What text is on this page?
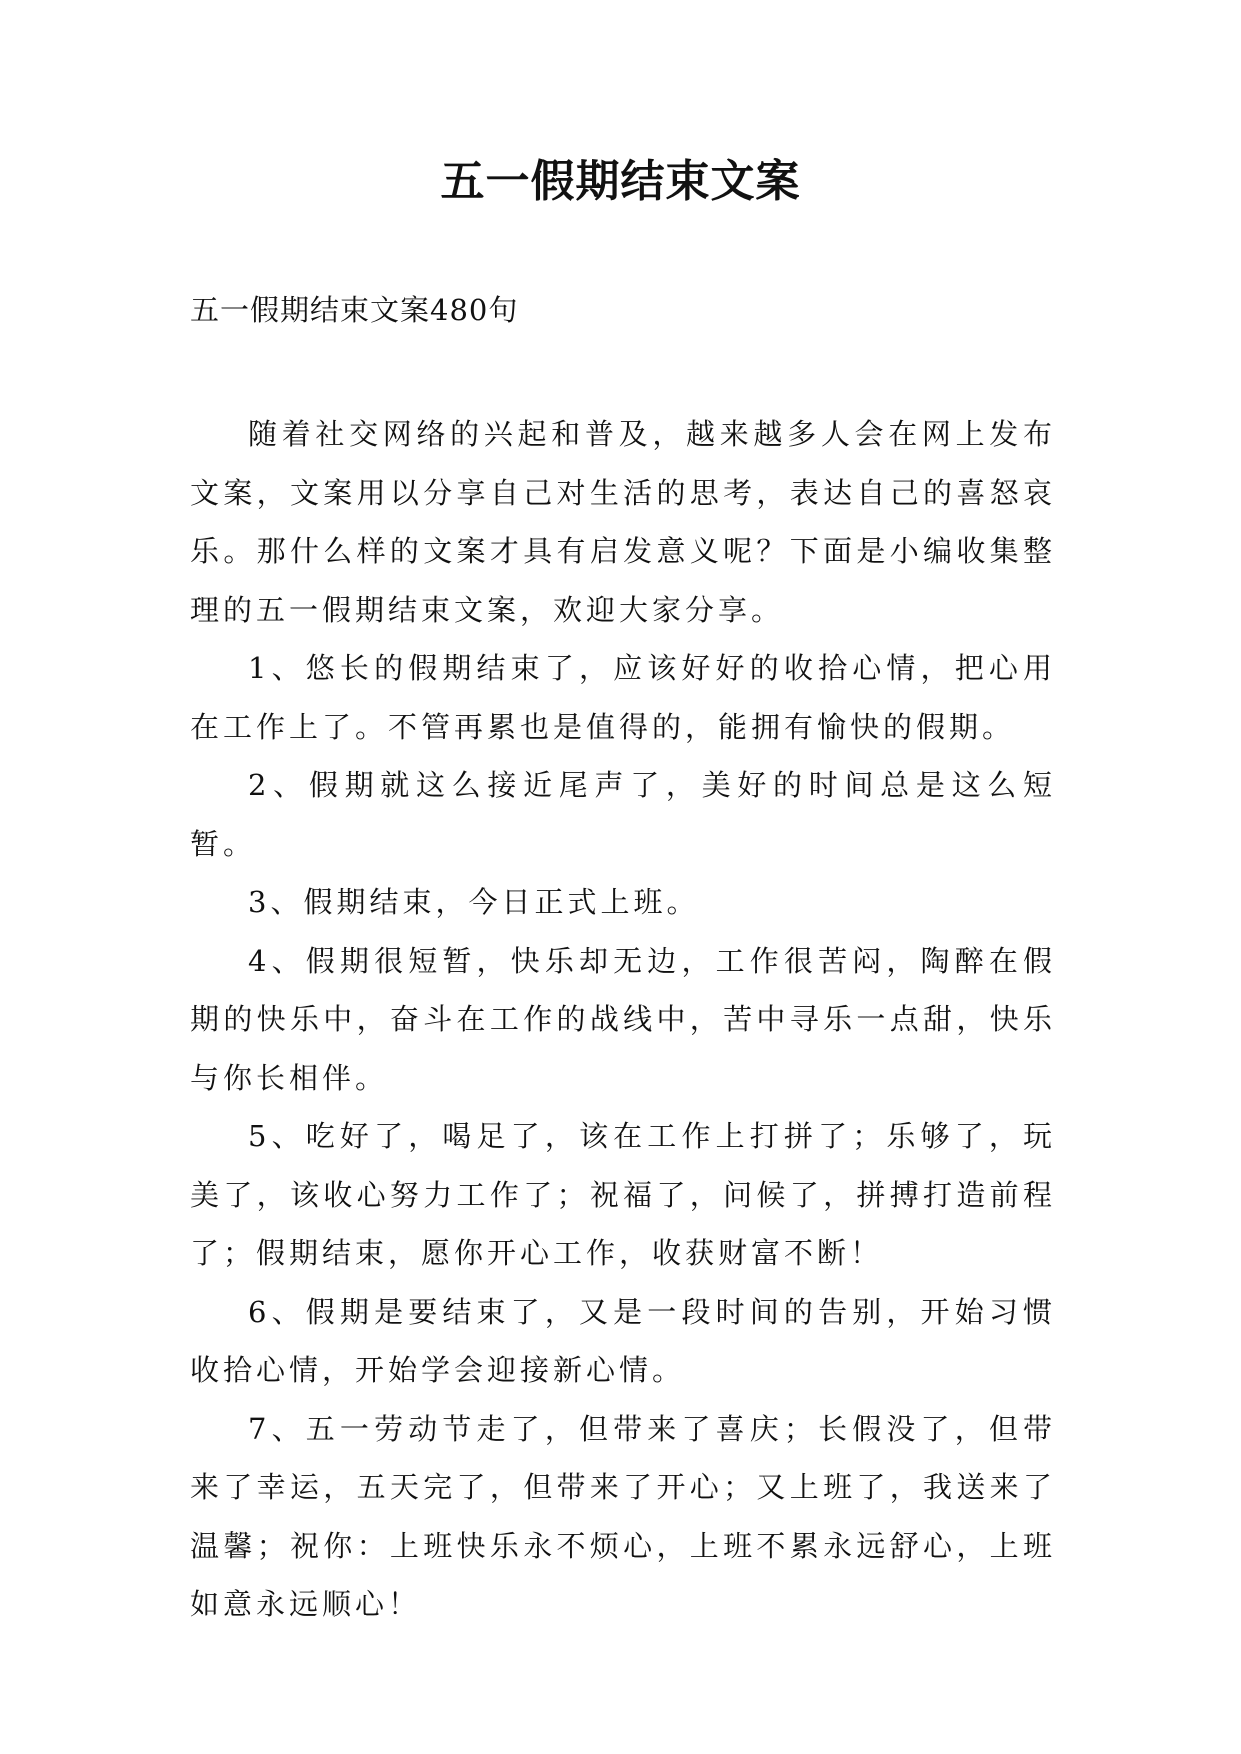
五一假期结束文案

五一假期结束文案480句

随着社交网络的兴起和普及，越来越多人会在网上发布文案，文案用以分享自己对生活的思考，表达自己的喜怒哀乐。那什么样的文案才具有启发意义呢？下面是小编收集整理的五一假期结束文案，欢迎大家分享。

1、悠长的假期结束了，应该好好的收拾心情，把心用在工作上了。不管再累也是值得的，能拥有愉快的假期。

2、假期就这么接近尾声了，美好的时间总是这么短暂。

3、假期结束，今日正式上班。

4、假期很短暂，快乐却无边，工作很苦闷，陶醉在假期的快乐中，奋斗在工作的战线中，苦中寻乐一点甜，快乐与你长相伴。

5、吃好了，喝足了，该在工作上打拼了；乐够了，玩美了，该收心努力工作了；祝福了，问候了，拼搏打造前程了；假期结束，愿你开心工作，收获财富不断！

6、假期是要结束了，又是一段时间的告别，开始习惯收拾心情，开始学会迎接新心情。

7、五一劳动节走了，但带来了喜庆；长假没了，但带来了幸运，五天完了，但带来了开心；又上班了，我送来了温馨；祝你：上班快乐永不烦心，上班不累永远舒心，上班如意永远顺心！
